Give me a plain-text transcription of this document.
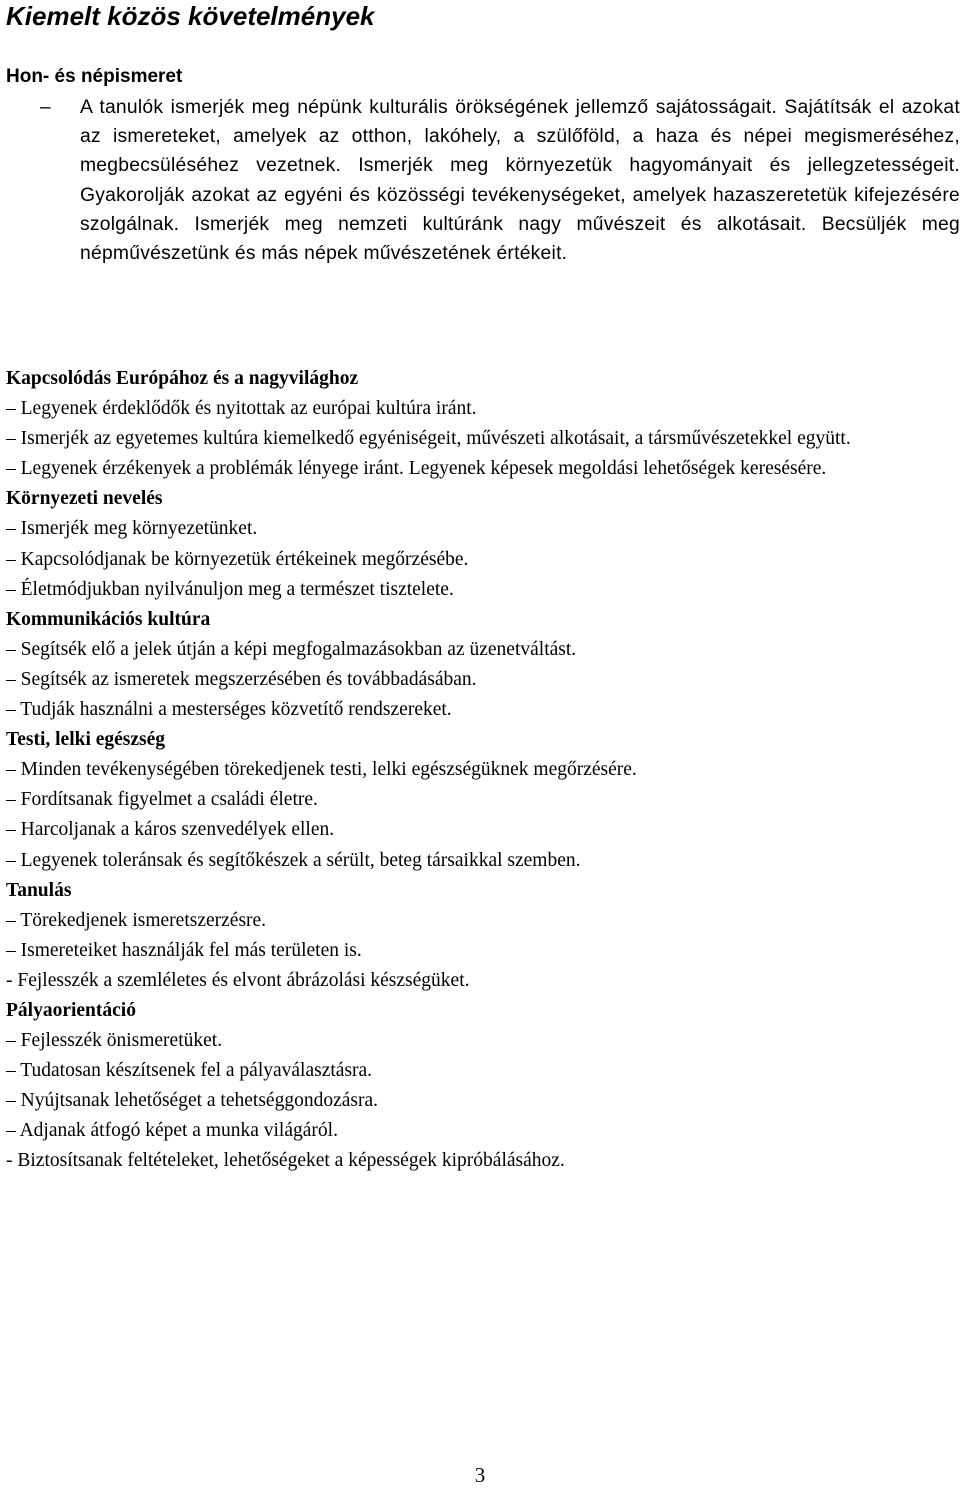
Kiemelt közös követelmények
Hon- és népismeret
– A tanulók ismerjék meg népünk kulturális örökségének jellemző sajátosságait. Sajátítsák el azokat az ismereteket, amelyek az otthon, lakóhely, a szülőföld, a haza és népei megismeréséhez, megbecsüléséhez vezetnek. Ismerjék meg környezetük hagyományait és jellegzetességeit. Gyakorolják azokat az egyéni és közösségi tevékenységeket, amelyek hazaszeretetük kifejezésére szolgálnak. Ismerjék meg nemzeti kultúránk nagy művészeit és alkotásait. Becsüljék meg népművészetünk és más népek művészetének értékeit.

Kapcsolódás Európához és a nagyvilághoz
– Legyenek érdeklődők és nyitottak az európai kultúra iránt.
– Ismerjék az egyetemes kultúra kiemelkedő egyéniségeit, művészeti alkotásait, a társművészetekkel együtt.
– Legyenek érzékenyek a problémák lényege iránt. Legyenek képesek megoldási lehetőségek keresésére.
Környezeti nevelés
– Ismerjék meg környezetünket.
– Kapcsolódjanak be környezetük értékeinek megőrzésébe.
– Életmódjukban nyilvánuljon meg a természet tisztelete.
Kommunikációs kultúra
– Segítsék elő a jelek útján a képi megfogalmazásokban az üzenetváltást.
– Segítsék az ismeretek megszerzésében és továbbadásában.
– Tudják használni a mesterséges közvetítő rendszereket.
Testi, lelki egészség
– Minden tevékenységében törekedjenek testi, lelki egészségüknek megőrzésére.
– Fordítsanak figyelmet a családi életre.
– Harcoljanak a káros szenvedélyek ellen.
– Legyenek toleránsak és segítőkészek a sérült, beteg társaikkal szemben.
Tanulás
– Törekedjenek ismeretszerzésre.
– Ismereteiket használják fel más területen is.
- Fejlesszék a szemléletes és elvont ábrázolási készségüket.
Pályaorientáció
– Fejlesszék önismeretüket.
– Tudatosan készítsenek fel a pályaválasztásra.
– Nyújtsanak lehetőséget a tehetséggondozásra.
– Adjanak átfogó képet a munka világáról.
- Biztosítsanak feltételeket, lehetőségeket a képességek kipróbálásához.
3
